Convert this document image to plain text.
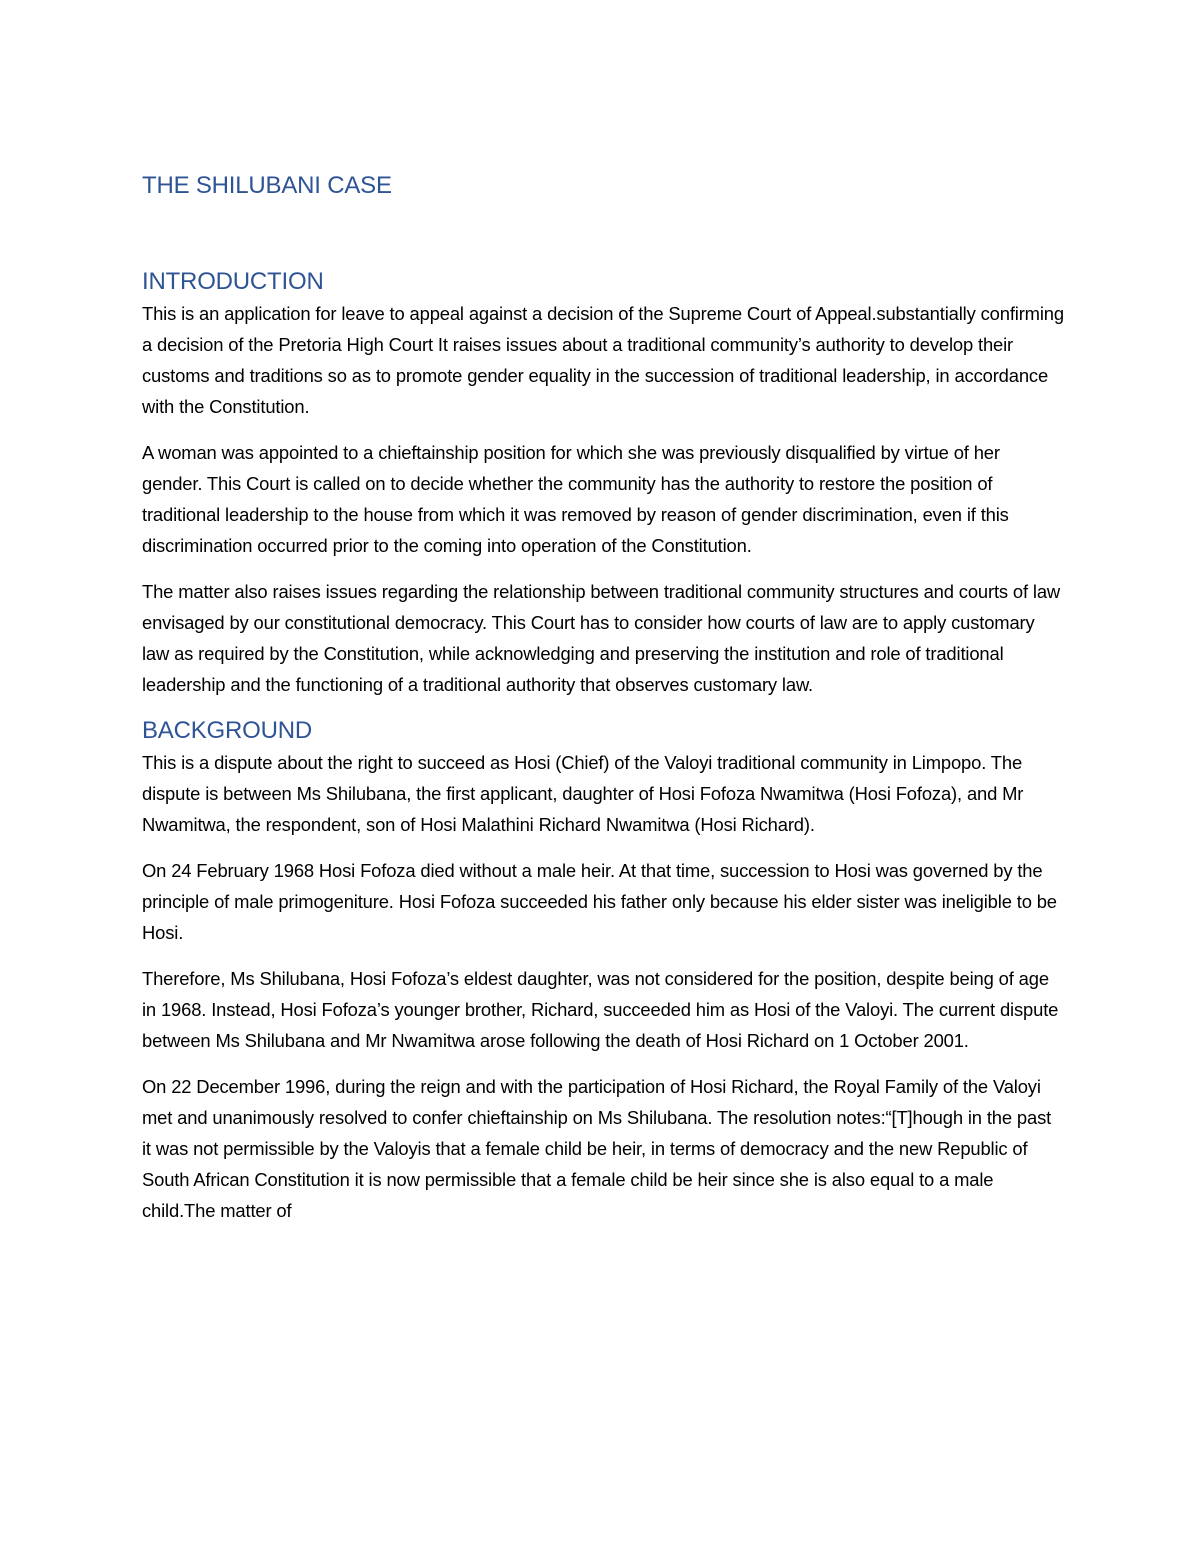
THE SHILUBANI CASE
INTRODUCTION

This is an application for leave to appeal against a decision of the Supreme Court of Appeal.substantially confirming a decision of the Pretoria High Court It raises issues about a traditional community’s authority to develop their customs and traditions so as to promote gender equality in the succession of traditional leadership, in accordance with the Constitution.

A woman was appointed to a chieftainship position for which she was previously disqualified by virtue of her gender. This Court is called on to decide whether the community has the authority to restore the position of traditional leadership to the house from which it was removed by reason of gender discrimination, even if this discrimination occurred prior to the coming into operation of the Constitution.

The matter also raises issues regarding the relationship between traditional community structures and courts of law envisaged by our constitutional democracy. This Court has to consider how courts of law are to apply customary law as required by the Constitution, while acknowledging and preserving the institution and role of traditional leadership and the functioning of a traditional authority that observes customary law.

BACKGROUND

This is a dispute about the right to succeed as Hosi (Chief) of the Valoyi traditional community in Limpopo. The dispute is between Ms Shilubana, the first applicant, daughter of Hosi Fofoza Nwamitwa (Hosi Fofoza), and Mr Nwamitwa, the respondent, son of Hosi Malathini Richard Nwamitwa (Hosi Richard).

On 24 February 1968 Hosi Fofoza died without a male heir. At that time, succession to Hosi was governed by the principle of male primogeniture. Hosi Fofoza succeeded his father only because his elder sister was ineligible to be Hosi.

Therefore, Ms Shilubana, Hosi Fofoza’s eldest daughter, was not considered for the position, despite being of age in 1968. Instead, Hosi Fofoza’s younger brother, Richard, succeeded him as Hosi of the Valoyi. The current dispute between Ms Shilubana and Mr Nwamitwa arose following the death of Hosi Richard on 1 October 2001.

On 22 December 1996, during the reign and with the participation of Hosi Richard, the Royal Family of the Valoyi met and unanimously resolved to confer chieftainship on Ms Shilubana. The resolution notes:“[T]hough in the past it was not permissible by the Valoyis that a female child be heir, in terms of democracy and the new Republic of South African Constitution it is now permissible that a female child be heir since she is also equal to a male child.The matter of
